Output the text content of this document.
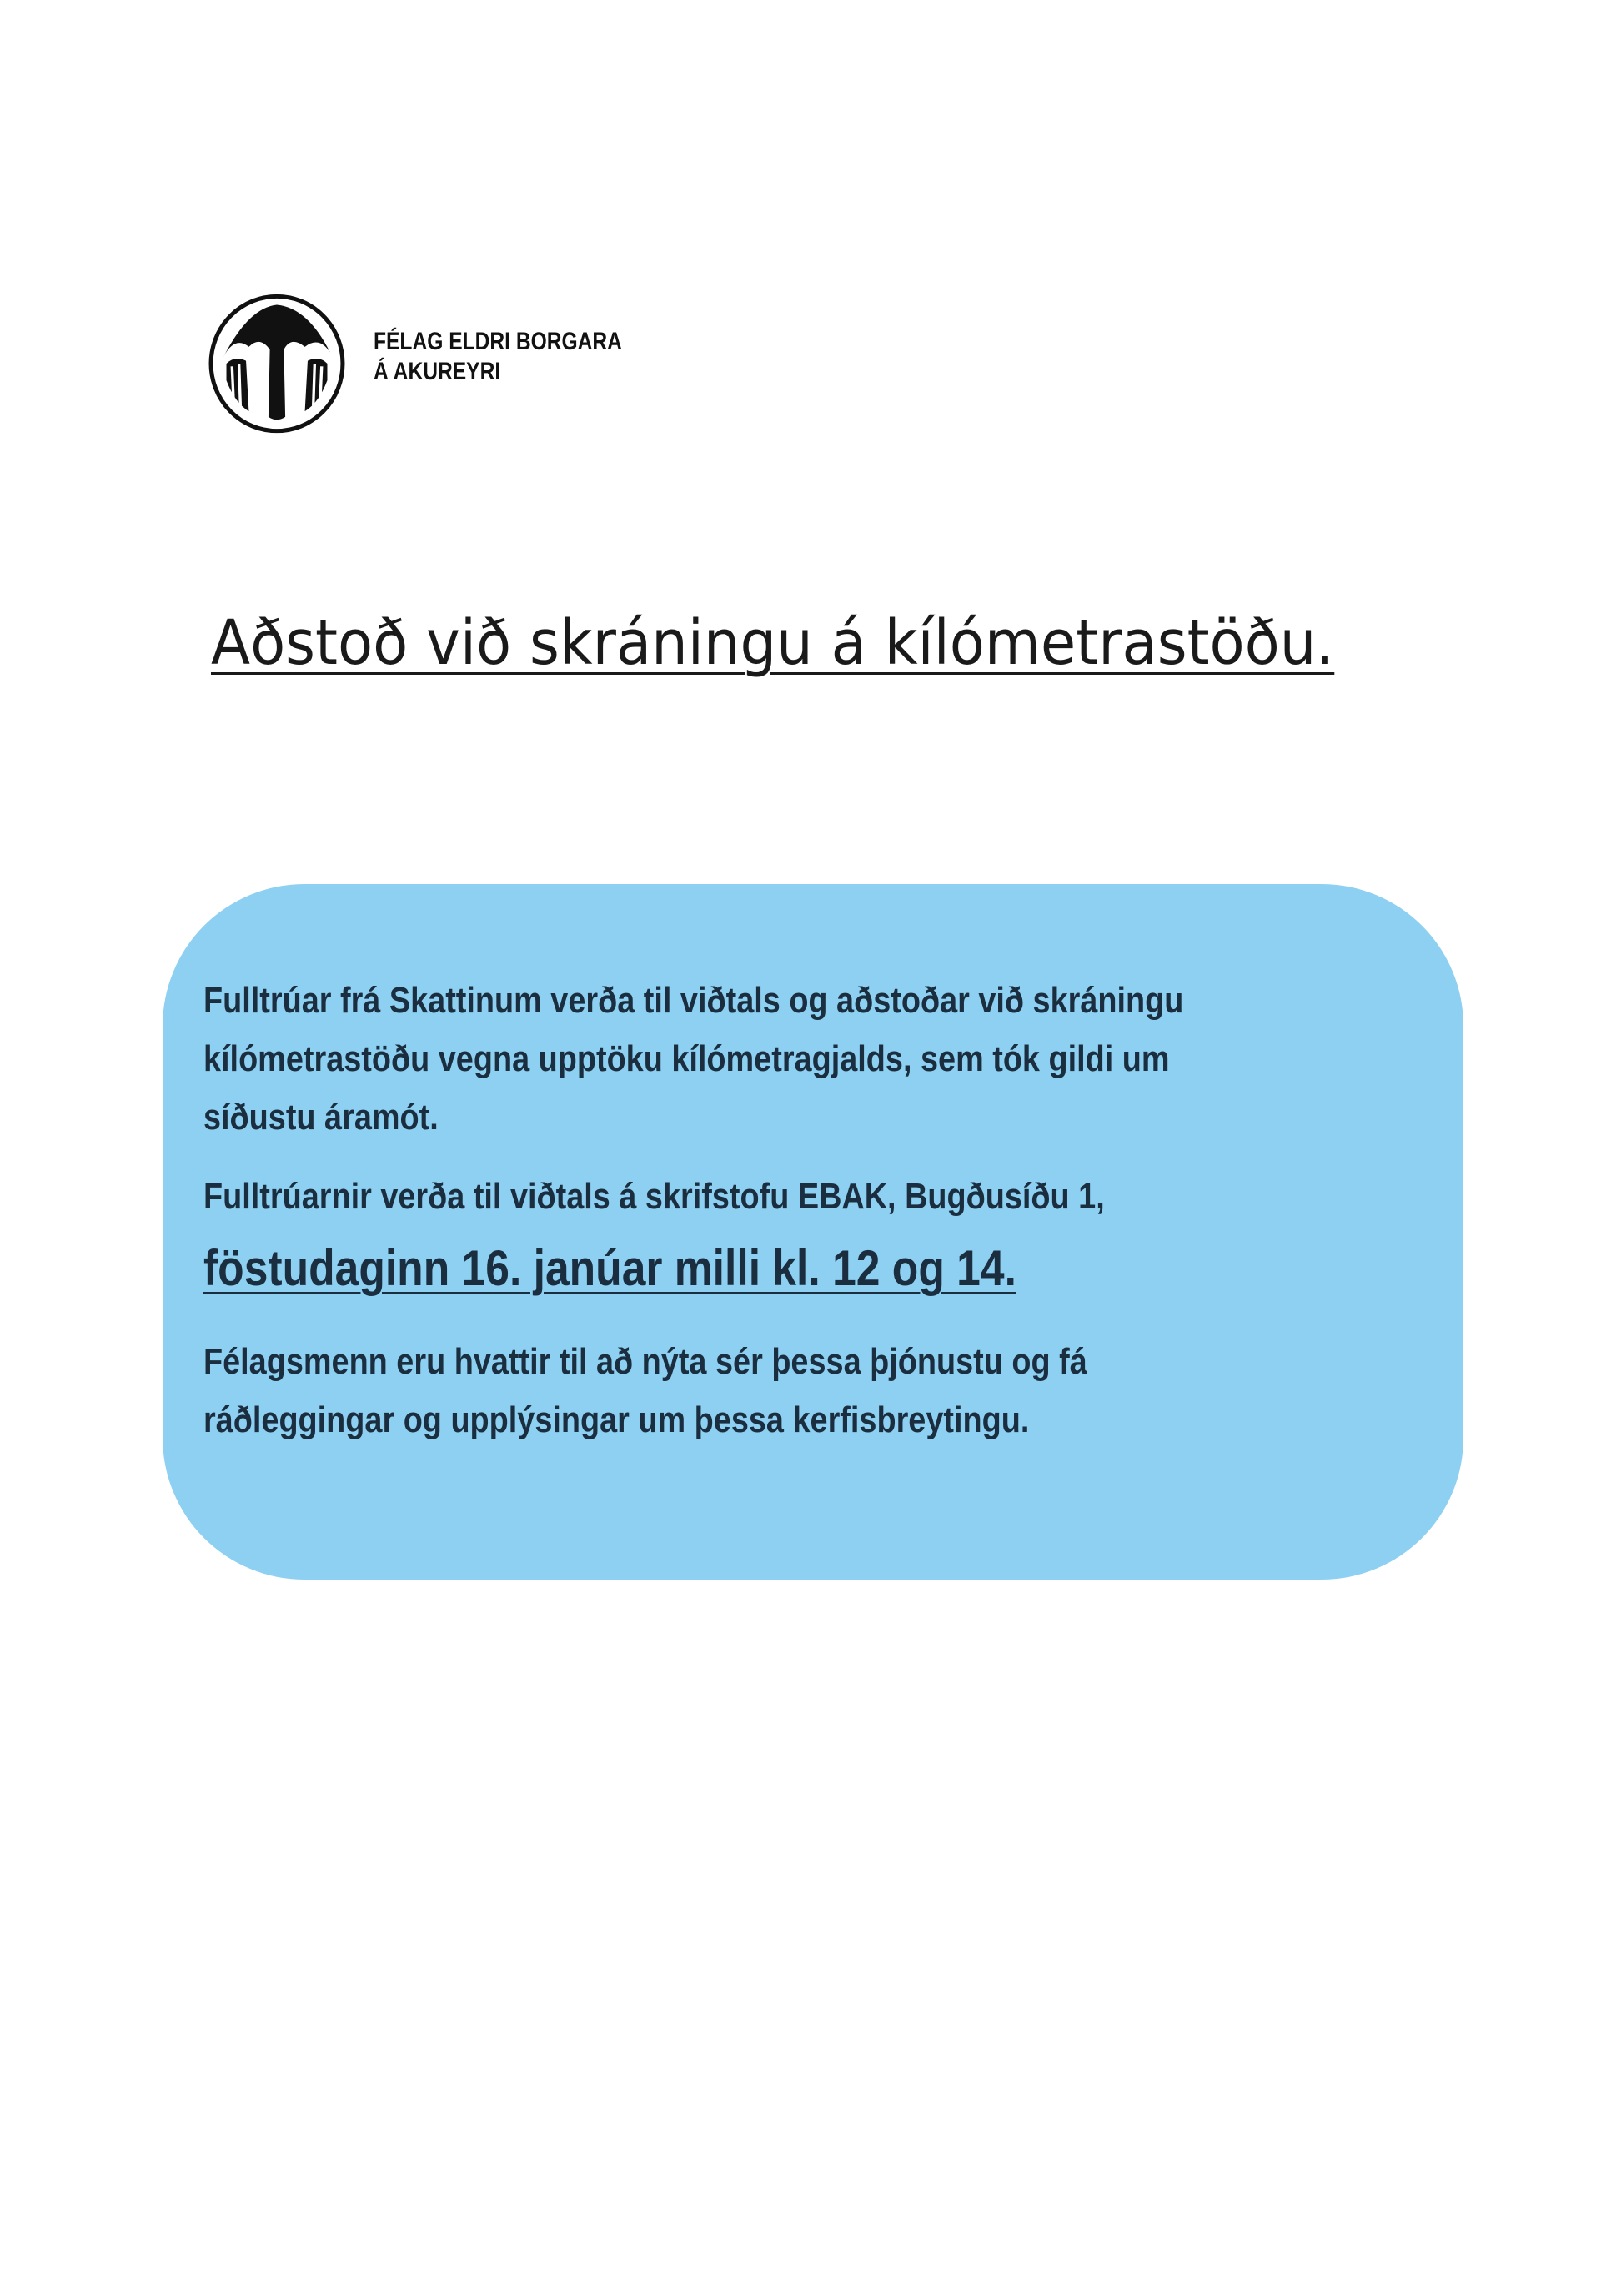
FÉLAG ELDRI BORGARA
Á AKUREYRI
Aðstoð við skráningu á kílómetrastöðu.
Fulltrúar frá Skattinum verða til viðtals og aðstoðar við skráningu
kílómetrastöðu vegna upptöku kílómetragjalds, sem tók gildi um
síðustu áramót.
Fulltrúarnir verða til viðtals á skrifstofu EBAK, Bugðusíðu 1,
föstudaginn 16. janúar milli kl. 12 og 14.
Félagsmenn eru hvattir til að nýta sér þessa þjónustu og fá
ráðleggingar og upplýsingar um þessa kerfisbreytingu.
